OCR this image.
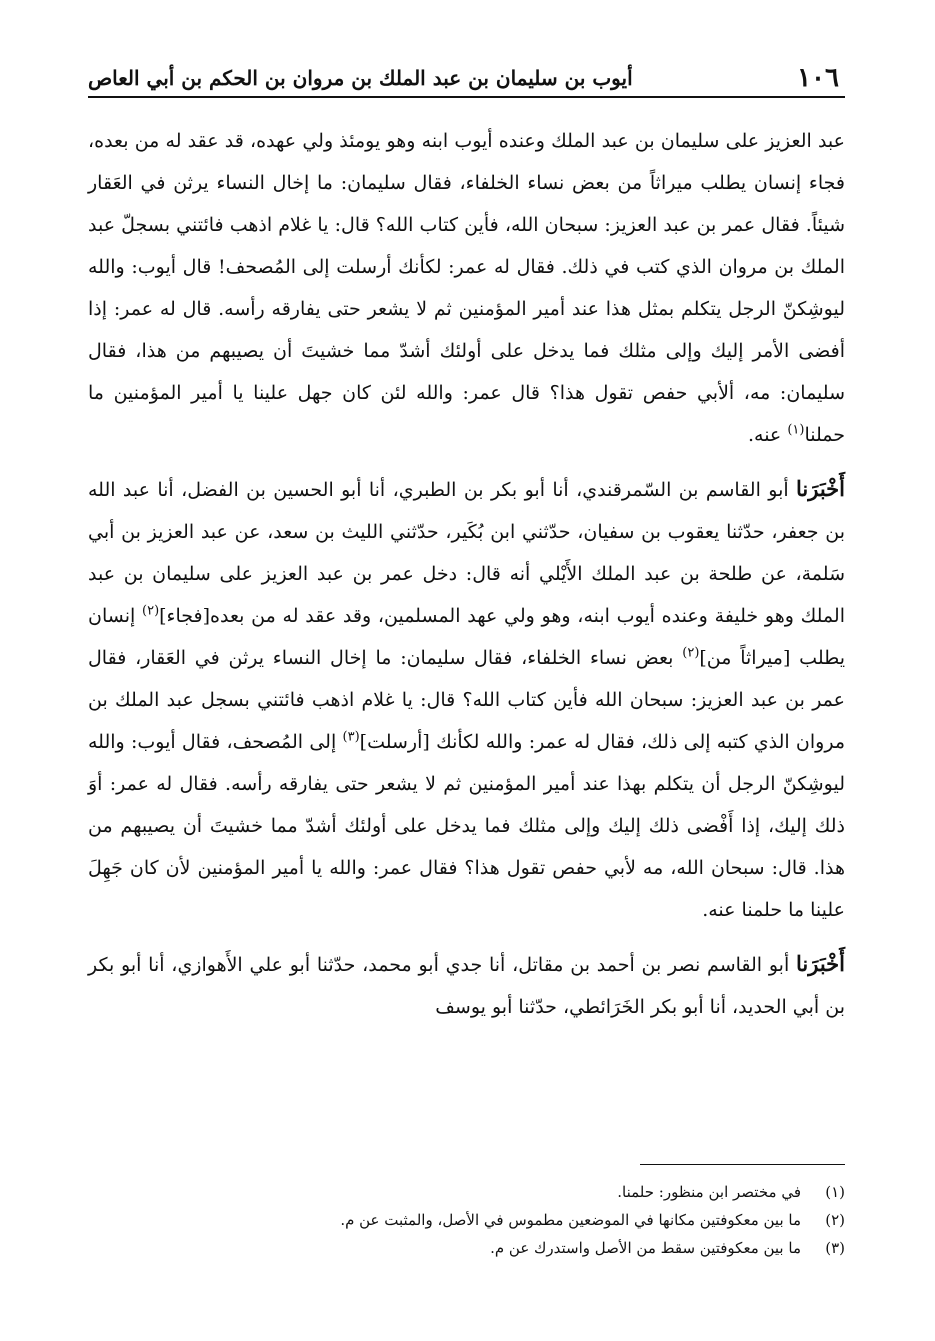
١٠٦
أيوب بن سليمان بن عبد الملك بن مروان بن الحكم بن أبي العاص

عبد العزيز على سليمان بن عبد الملك وعنده أيوب ابنه وهو يومئذ ولي عهده، قد عقد له من بعده، فجاء إنسان يطلب ميراثاً من بعض نساء الخلفاء، فقال سليمان: ما إخال النساء يرثن في العَقار شيئاً. فقال عمر بن عبد العزيز: سبحان الله، فأين كتاب الله؟ قال: يا غلام اذهب فائتني بسجلّ عبد الملك بن مروان الذي كتب في ذلك. فقال له عمر: لكأنك أرسلت إلى المُصحف! قال أيوب: والله ليوشِكنّ الرجل يتكلم بمثل هذا عند أمير المؤمنين ثم لا يشعر حتى يفارقه رأسه. قال له عمر: إذا أفضى الأمر إليك وإلى مثلك فما يدخل على أولئك أشدّ مما خشيتَ أن يصيبهم من هذا، فقال سليمان: مه، ألأبي حفص تقول هذا؟ قال عمر: والله لئن كان جهل علينا يا أمير المؤمنين ما حملنا$^{(١)}$ عنه.

أَخْبَرَنا أبو القاسم بن السّمرقندي، أنا أبو بكر بن الطبري، أنا أبو الحسين بن الفضل، أنا عبد الله بن جعفر، حدّثنا يعقوب بن سفيان، حدّثني ابن بُكَير، حدّثني الليث بن سعد، عن عبد العزيز بن أبي سَلمة، عن طلحة بن عبد الملك الأَيْلي أنه قال: دخل عمر بن عبد العزيز على سليمان بن عبد الملك وهو خليفة وعنده أيوب ابنه، وهو ولي عهد المسلمين، وقد عقد له من بعده[فجاء]$^{(٢)}$ إنسان يطلب [ميراثاً من]$^{(٢)}$ بعض نساء الخلفاء، فقال سليمان: ما إخال النساء يرثن في العَقار، فقال عمر بن عبد العزيز: سبحان الله فأين كتاب الله؟ قال: يا غلام اذهب فائتني بسجل عبد الملك بن مروان الذي كتبه إلى ذلك، فقال له عمر: والله لكأنك [أرسلت]$^{(٣)}$ إلى المُصحف، فقال أيوب: والله ليوشِكنّ الرجل أن يتكلم بهذا عند أمير المؤمنين ثم لا يشعر حتى يفارقه رأسه. فقال له عمر: أوَ ذلك إليك، إذا أَفْضى ذلك إليك وإلى مثلك فما يدخل على أولئك أشدّ مما خشيتَ أن يصيبهم من هذا. قال: سبحان الله، مه لأبي حفص تقول هذا؟ فقال عمر: والله يا أمير المؤمنين لأن كان جَهِلَ علينا ما حلمنا عنه.

أَخْبَرَنا أبو القاسم نصر بن أحمد بن مقاتل، أنا جدي أبو محمد، حدّثنا أبو علي الأَهوازي، أنا أبو بكر بن أبي الحديد، أنا أبو بكر الخَرَائطي، حدّثنا أبو يوسف

(١)
في مختصر ابن منظور: حلمنا.
(٢)
ما بين معكوفتين مكانها في الموضعين مطموس في الأصل، والمثبت عن م.
(٣)
ما بين معكوفتين سقط من الأصل واستدرك عن م.
